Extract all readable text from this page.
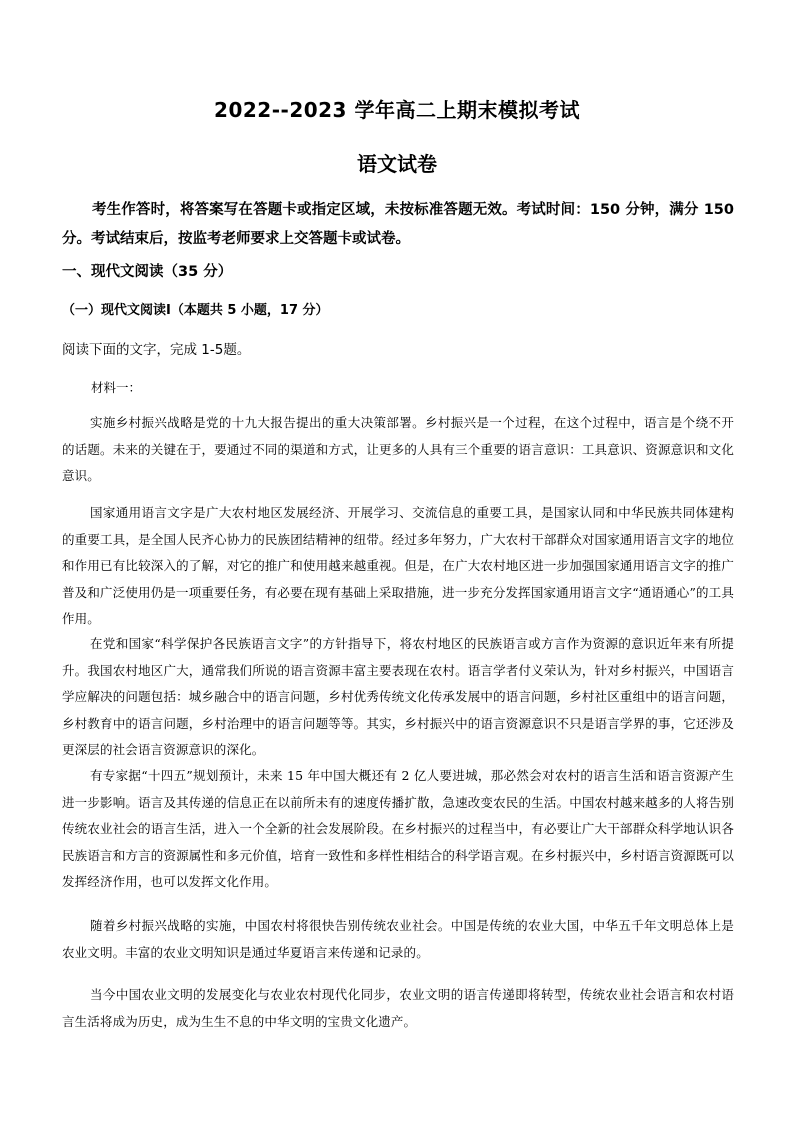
2022--2023 学年高二上期末模拟考试
语文试卷

考生作答时，将答案写在答题卡或指定区域，未按标准答题无效。考试时间：150 分钟，满分 150 分。考试结束后，按监考老师要求上交答题卡或试卷。

一、现代文阅读（35 分）
（一）现代文阅读Ⅰ（本题共 5 小题，17 分）
阅读下面的文字，完成 1-5题。
材料一：

实施乡村振兴战略是党的十九大报告提出的重大决策部署。乡村振兴是一个过程，在这个过程中，语言是个绕不开的话题。未来的关键在于，要通过不同的渠道和方式，让更多的人具有三个重要的语言意识：工具意识、资源意识和文化意识。

国家通用语言文字是广大农村地区发展经济、开展学习、交流信息的重要工具，是国家认同和中华民族共同体建构的重要工具，是全国人民齐心协力的民族团结精神的纽带。经过多年努力，广大农村干部群众对国家通用语言文字的地位和作用已有比较深入的了解，对它的推广和使用越来越重视。但是，在广大农村地区进一步加强国家通用语言文字的推广普及和广泛使用仍是一项重要任务，有必要在现有基础上采取措施，进一步充分发挥国家通用语言文字“通语通心”的工具作用。

在党和国家“科学保护各民族语言文字”的方针指导下，将农村地区的民族语言或方言作为资源的意识近年来有所提升。我国农村地区广大，通常我们所说的语言资源丰富主要表现在农村。语言学者付义荣认为，针对乡村振兴，中国语言学应解决的问题包括：城乡融合中的语言问题，乡村优秀传统文化传承发展中的语言问题，乡村社区重组中的语言问题，乡村教育中的语言问题，乡村治理中的语言问题等等。其实，乡村振兴中的语言资源意识不只是语言学界的事，它还涉及更深层的社会语言资源意识的深化。

有专家据“十四五”规划预计，未来 15 年中国大概还有 2 亿人要进城，那必然会对农村的语言生活和语言资源产生进一步影响。语言及其传递的信息正在以前所未有的速度传播扩散，急速改变农民的生活。中国农村越来越多的人将告别传统农业社会的语言生活，进入一个全新的社会发展阶段。在乡村振兴的过程当中，有必要让广大干部群众科学地认识各民族语言和方言的资源属性和多元价值，培育一致性和多样性相结合的科学语言观。在乡村振兴中，乡村语言资源既可以发挥经济作用，也可以发挥文化作用。

随着乡村振兴战略的实施，中国农村将很快告别传统农业社会。中国是传统的农业大国，中华五千年文明总体上是农业文明。丰富的农业文明知识是通过华夏语言来传递和记录的。

当今中国农业文明的发展变化与农业农村现代化同步，农业文明的语言传递即将转型，传统农业社会语言和农村语言生活将成为历史，成为生生不息的中华文明的宝贵文化遗产。
